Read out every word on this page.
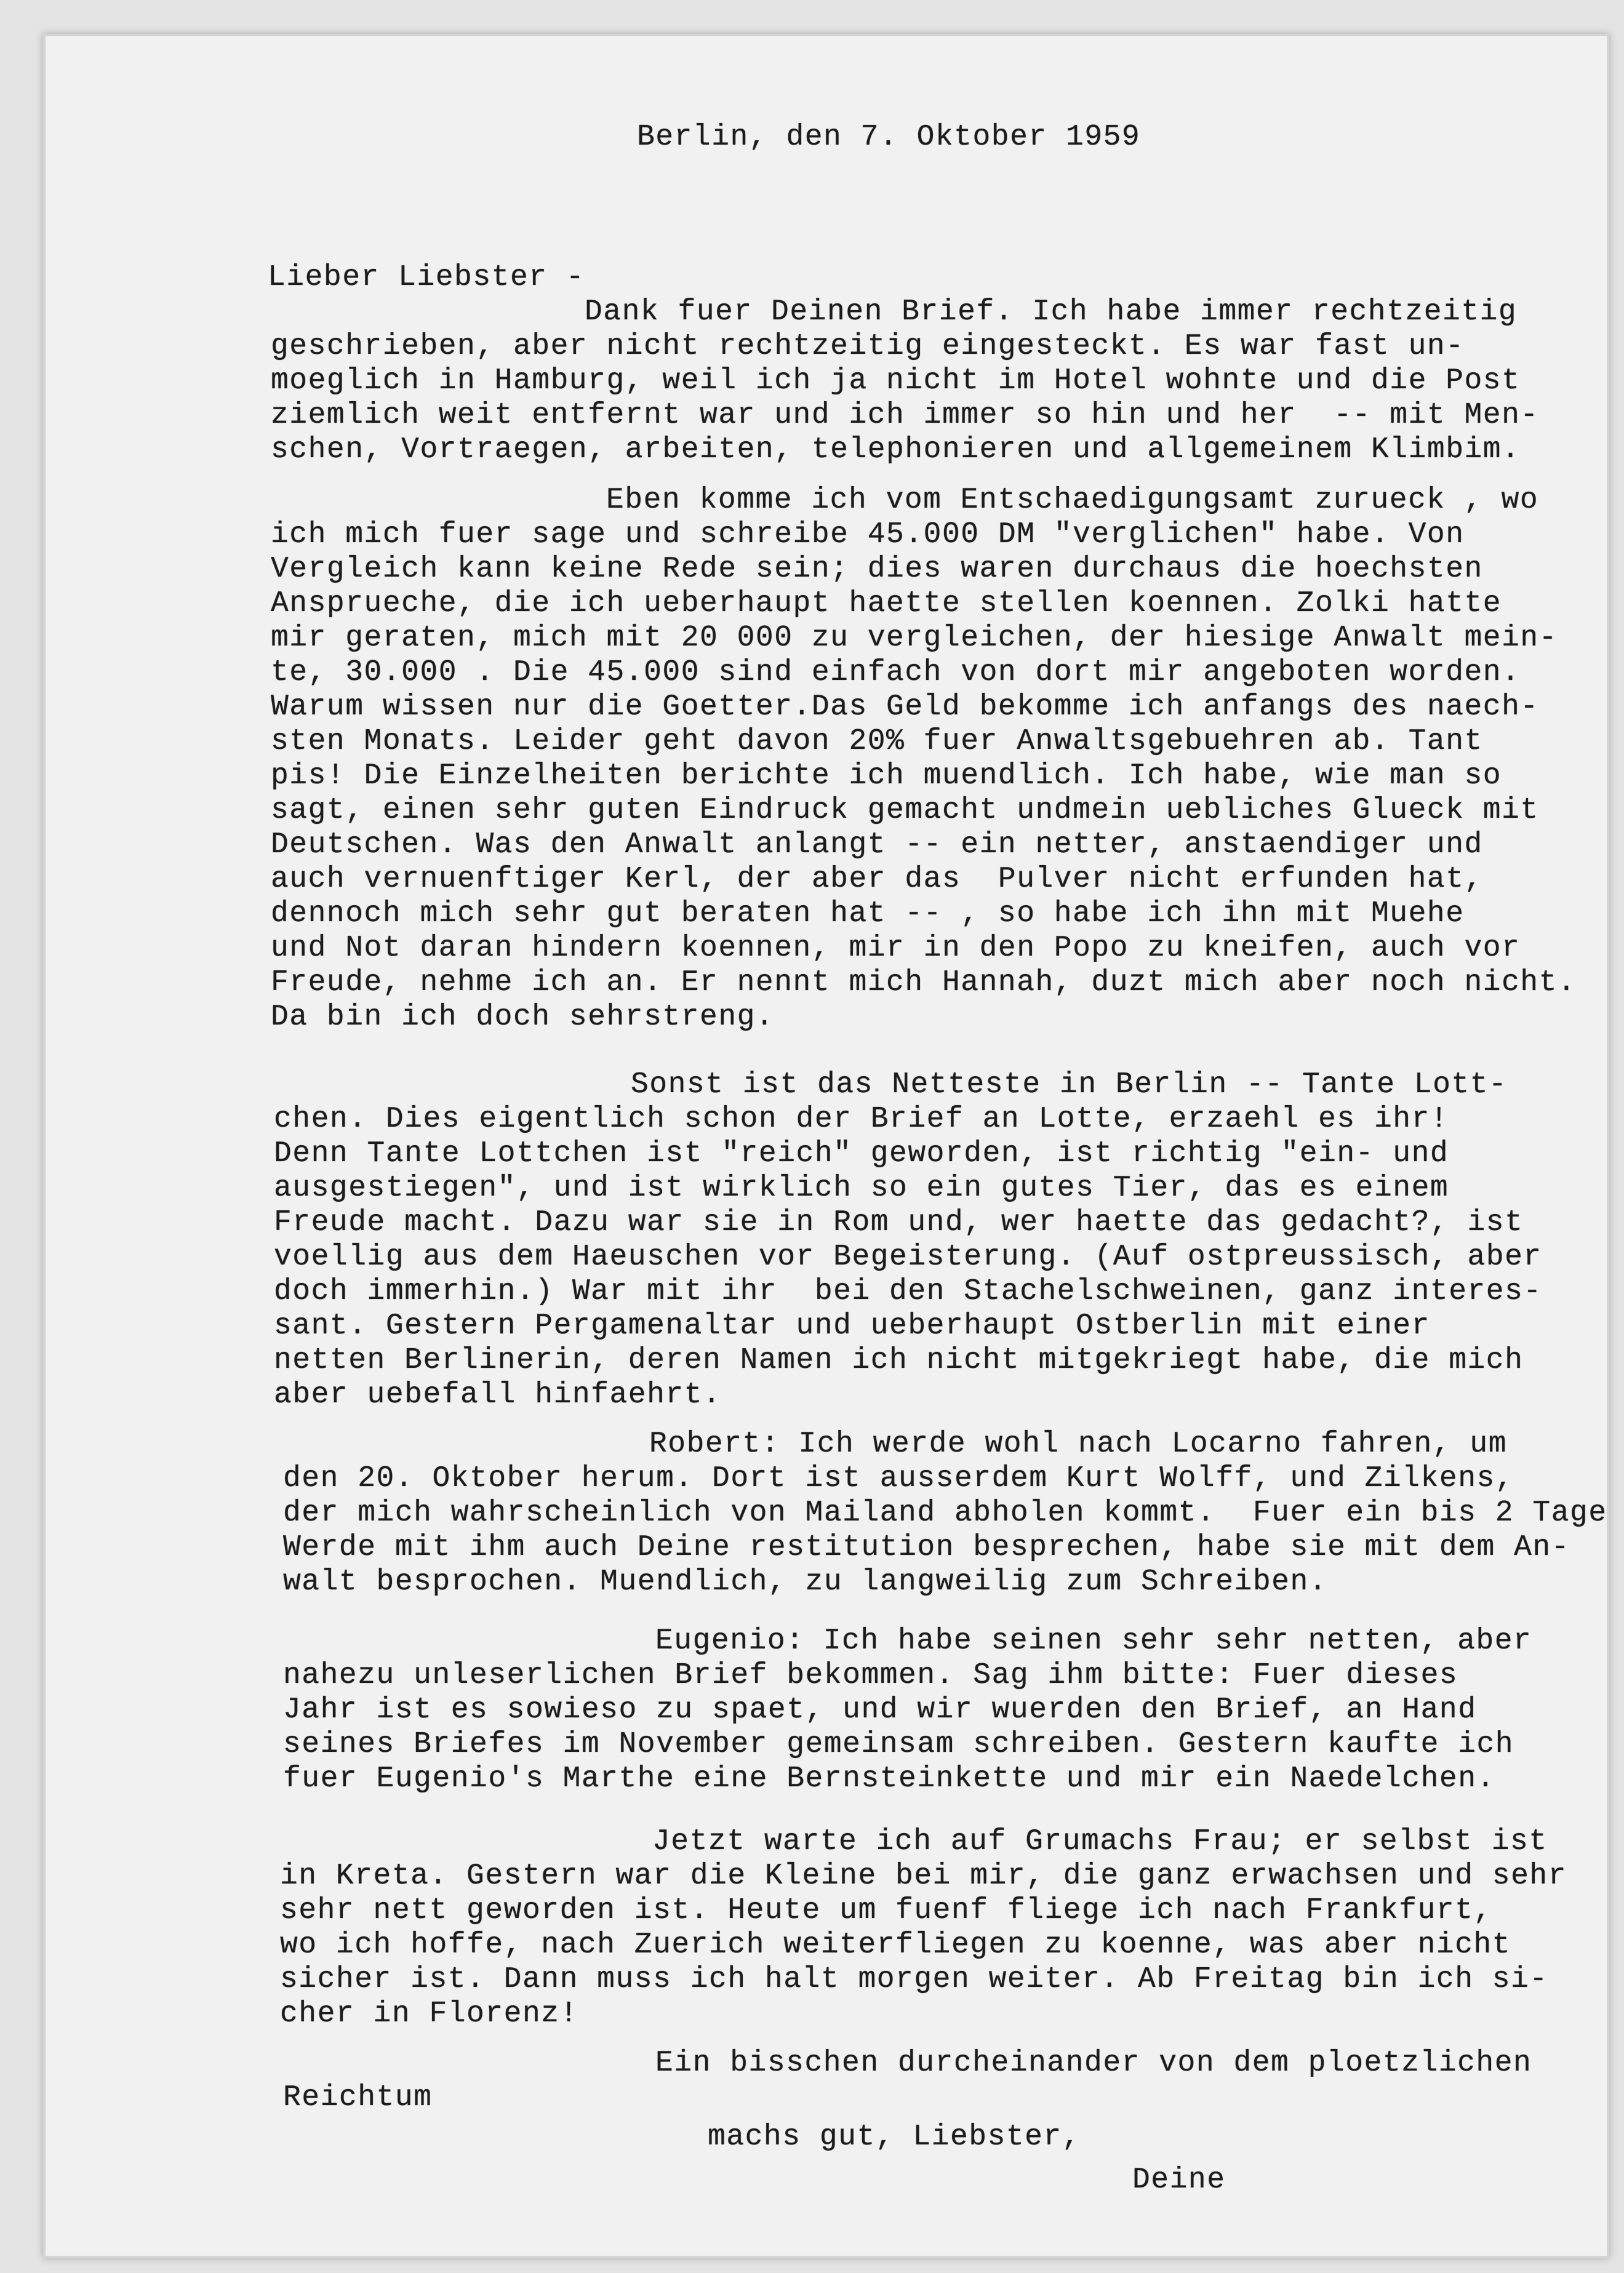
Berlin, den 7. Oktober 1959
Lieber Liebster -
Dank fuer Deinen Brief. Ich habe immer rechtzeitig
geschrieben, aber nicht rechtzeitig eingesteckt. Es war fast un-
moeglich in Hamburg, weil ich ja nicht im Hotel wohnte und die Post
ziemlich weit entfernt war und ich immer so hin und her  -- mit Men-
schen, Vortraegen, arbeiten, telephonieren und allgemeinem Klimbim.
Eben komme ich vom Entschaedigungsamt zurueck , wo
ich mich fuer sage und schreibe 45.000 DM "verglichen" habe. Von
Vergleich kann keine Rede sein; dies waren durchaus die hoechsten
Ansprueche, die ich ueberhaupt haette stellen koennen. Zolki hatte
mir geraten, mich mit 20 000 zu vergleichen, der hiesige Anwalt mein-
te, 30.000 . Die 45.000 sind einfach von dort mir angeboten worden.
Warum wissen nur die Goetter.Das Geld bekomme ich anfangs des naech-
sten Monats. Leider geht davon 20% fuer Anwaltsgebuehren ab. Tant
pis! Die Einzelheiten berichte ich muendlich. Ich habe, wie man so
sagt, einen sehr guten Eindruck gemacht undmein uebliches Glueck mit
Deutschen. Was den Anwalt anlangt -- ein netter, anstaendiger und
auch vernuenftiger Kerl, der aber das  Pulver nicht erfunden hat,
dennoch mich sehr gut beraten hat -- , so habe ich ihn mit Muehe
und Not daran hindern koennen, mir in den Popo zu kneifen, auch vor
Freude, nehme ich an. Er nennt mich Hannah, duzt mich aber noch nicht.
Da bin ich doch sehrstreng.
Sonst ist das Netteste in Berlin -- Tante Lott-
chen. Dies eigentlich schon der Brief an Lotte, erzaehl es ihr!
Denn Tante Lottchen ist "reich" geworden, ist richtig "ein- und
ausgestiegen", und ist wirklich so ein gutes Tier, das es einem
Freude macht. Dazu war sie in Rom und, wer haette das gedacht?, ist
voellig aus dem Haeuschen vor Begeisterung. (Auf ostpreussisch, aber
doch immerhin.) War mit ihr  bei den Stachelschweinen, ganz interes-
sant. Gestern Pergamenaltar und ueberhaupt Ostberlin mit einer
netten Berlinerin, deren Namen ich nicht mitgekriegt habe, die mich
aber uebefall hinfaehrt.
Robert: Ich werde wohl nach Locarno fahren, um
den 20. Oktober herum. Dort ist ausserdem Kurt Wolff, und Zilkens,
der mich wahrscheinlich von Mailand abholen kommt.  Fuer ein bis 2 Tage
Werde mit ihm auch Deine restitution besprechen, habe sie mit dem An-
walt besprochen. Muendlich, zu langweilig zum Schreiben.
Eugenio: Ich habe seinen sehr sehr netten, aber
nahezu unleserlichen Brief bekommen. Sag ihm bitte: Fuer dieses
Jahr ist es sowieso zu spaet, und wir wuerden den Brief, an Hand
seines Briefes im November gemeinsam schreiben. Gestern kaufte ich
fuer Eugenio's Marthe eine Bernsteinkette und mir ein Naedelchen.
Jetzt warte ich auf Grumachs Frau; er selbst ist
in Kreta. Gestern war die Kleine bei mir, die ganz erwachsen und sehr
sehr nett geworden ist. Heute um fuenf fliege ich nach Frankfurt,
wo ich hoffe, nach Zuerich weiterfliegen zu koenne, was aber nicht
sicher ist. Dann muss ich halt morgen weiter. Ab Freitag bin ich si-
cher in Florenz!
Ein bisschen durcheinander von dem ploetzlichen
Reichtum
machs gut, Liebster,
Deine
